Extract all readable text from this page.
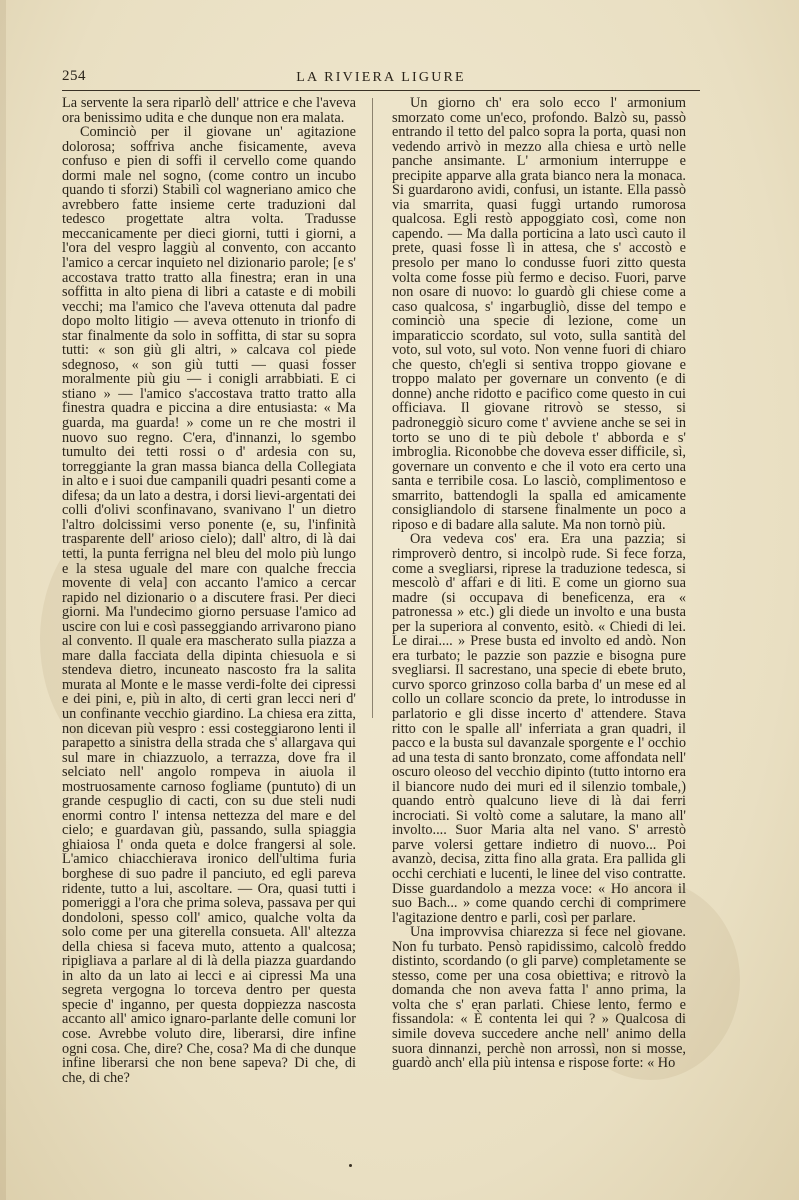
254	LA RIVIERA LIGURE

La servente la sera riparlò dell' attrice e che l'aveva ora benissimo udita e che dunque non era malata.

Cominciò per il giovane un' agitazione dolorosa; soffriva anche fisicamente, aveva confuso e pien di soffi il cervello come quando dormi male nel sogno, (come contro un incubo quando ti sforzi) Stabilì col wagneriano amico che avrebbero fatte insieme certe traduzioni dal tedesco progettate altra volta. Tradusse meccanicamente per dieci giorni, tutti i giorni, a l'ora del vespro laggiù al convento, con accanto l'amico a cercar inquieto nel dizionario parole; [e s' accostava tratto tratto alla finestra; eran in una soffitta in alto piena di libri a cataste e di mobili vecchi; ma l'amico che l'aveva ottenuta dal padre dopo molto litigio — aveva ottenuto in trionfo di star finalmente da solo in soffitta, di star su sopra tutti: « son giù gli altri, » calcava col piede sdegnoso, « son giù tutti — quasi fosser moralmente più giu — i conigli arrabbiati. E ci stiano » — l'amico s'accostava tratto tratto alla finestra quadra e piccina a dire entusiasta: « Ma guarda, ma guarda! » come un re che mostri il nuovo suo regno. C'era, d'innanzi, lo sgembo tumulto dei tetti rossi o d' ardesia con su, torreggiante la gran massa bianca della Collegiata in alto e i suoi due campanili quadri pesanti come a difesa; da un lato a destra, i dorsi lievi-argentati dei colli d'olivi sconfinavano, svanivano l' un dietro l'altro dolcissimi verso ponente (e, su, l'infinità trasparente dell' arioso cielo); dall' altro, di là dai tetti, la punta ferrigna nel bleu del molo più lungo e la stesa uguale del mare con qualche freccia movente di vela] con accanto l'amico a cercar rapido nel dizionario o a discutere frasi. Per dieci giorni. Ma l'undecimo giorno persuase l'amico ad uscire con lui e così passeggiando arrivarono piano al convento. Il quale era mascherato sulla piazza a mare dalla facciata della dipinta chiesuola e si stendeva dietro, incuneato nascosto fra la salita murata al Monte e le masse verdi-folte dei cipressi e dei pini, e, più in alto, di certi gran lecci neri d' un confinante vecchio giardino. La chiesa era zitta, non dicevan più vespro : essi costeggiarono lenti il parapetto a sinistra della strada che s' allargava qui sul mare in chiazzuolo, a terrazza, dove fra il selciato nell' angolo rompeva in aiuola il mostruosamente carnoso fogliame (puntuto) di un grande cespuglio di cacti, con su due steli nudi enormi contro l' intensa nettezza del mare e del cielo; e guardavan giù, passando, sulla spiaggia ghiaiosa l' onda queta e dolce frangersi al sole. L'amico chiacchierava ironico dell'ultima furia borghese di suo padre il panciuto, ed egli pareva ridente, tutto a lui, ascoltare. — Ora, quasi tutti i pomeriggi a l'ora che prima soleva, passava per qui dondoloni, spesso coll' amico, qualche volta da solo come per una giterella consueta. All' altezza della chiesa si faceva muto, attento a qualcosa; ripigliava a parlare al di là della piazza guardando in alto da un lato ai lecci e ai cipressi Ma una segreta vergogna lo torceva dentro per questa specie d' inganno, per questa doppiezza nascosta accanto all' amico ignaro-parlante delle comuni lor cose. Avrebbe voluto dire, liberarsi, dire infine ogni cosa. Che, dire? Che, cosa? Ma di che dunque infine liberarsi che non bene sapeva? Di che, di che, di che?

Un giorno ch' era solo ecco l' armonium smorzato come un'eco, profondo. Balzò su, passò entrando il tetto del palco sopra la porta, quasi non vedendo arrivò in mezzo alla chiesa e urtò nelle panche ansimante. L' armonium interruppe e precipite apparve alla grata bianco nera la monaca. Si guardarono avidi, confusi, un istante. Ella passò via smarrita, quasi fuggì urtando rumorosa qualcosa. Egli restò appoggiato così, come non capendo. — Ma dalla porticina a lato uscì cauto il prete, quasi fosse lì in attesa, che s' accostò e presolo per mano lo condusse fuori zitto questa volta come fosse più fermo e deciso. Fuori, parve non osare di nuovo: lo guardò gli chiese come a caso qualcosa, s' ingarbugliò, disse del tempo e cominciò una specie di lezione, come un imparaticcio scordato, sul voto, sulla santità del voto, sul voto, sul voto. Non venne fuori di chiaro che questo, ch'egli si sentiva troppo giovane e troppo malato per governare un convento (e di donne) anche ridotto e pacifico come questo in cui officiava. Il giovane ritrovò se stesso, si padroneggiò sicuro come t' avviene anche se sei in torto se uno di te più debole t' abborda e s' imbroglia. Riconobbe che doveva esser difficile, sì, governare un convento e che il voto era certo una santa e terribile cosa. Lo lasciò, complimentoso e smarrito, battendogli la spalla ed amicamente consigliandolo di starsene finalmente un poco a riposo e di badare alla salute. Ma non tornò più.

Ora vedeva cos' era. Era una pazzia; si rimproverò dentro, si incolpò rude. Si fece forza, come a svegliarsi, riprese la traduzione tedesca, si mescolò d' affari e di liti. E come un giorno sua madre (si occupava di beneficenza, era « patronessa » etc.) gli diede un involto e una busta per la superiora al convento, esitò. « Chiedi di lei. Le dirai.... » Prese busta ed involto ed andò. Non era turbato; le pazzie son pazzie e bisogna pure svegliarsi. Il sacrestano, una specie di ebete bruto, curvo sporco grinzoso colla barba d' un mese ed al collo un collare sconcio da prete, lo introdusse in parlatorio e gli disse incerto d' attendere. Stava ritto con le spalle all' inferriata a gran quadri, il pacco e la busta sul davanzale sporgente e l' occhio ad una testa di santo bronzato, come affondata nell' oscuro oleoso del vecchio dipinto (tutto intorno era il biancore nudo dei muri ed il silenzio tombale,) quando entrò qualcuno lieve di là dai ferri incrociati. Si voltò come a salutare, la mano all' involto.... Suor Maria alta nel vano. S' arrestò parve volersi gettare indietro di nuovo... Poi avanzò, decisa, zitta fino alla grata. Era pallida gli occhi cerchiati e lucenti, le linee del viso contratte. Disse guardandolo a mezza voce: « Ho ancora il suo Bach... » come quando cerchi di comprimere l'agitazione dentro e parli, così per parlare.

Una improvvisa chiarezza si fece nel giovane. Non fu turbato. Pensò rapidissimo, calcolò freddo distinto, scordando (o gli parve) completamente se stesso, come per una cosa obiettiva; e ritrovò la domanda che non aveva fatta l' anno prima, la volta che s' eran parlati. Chiese lento, fermo e fissandola: « È contenta lei qui ? » Qualcosa di simile doveva succedere anche nell' animo della suora dinnanzi, perchè non arrossì, non si mosse, guardò anch' ella più intensa e rispose forte: « Ho
